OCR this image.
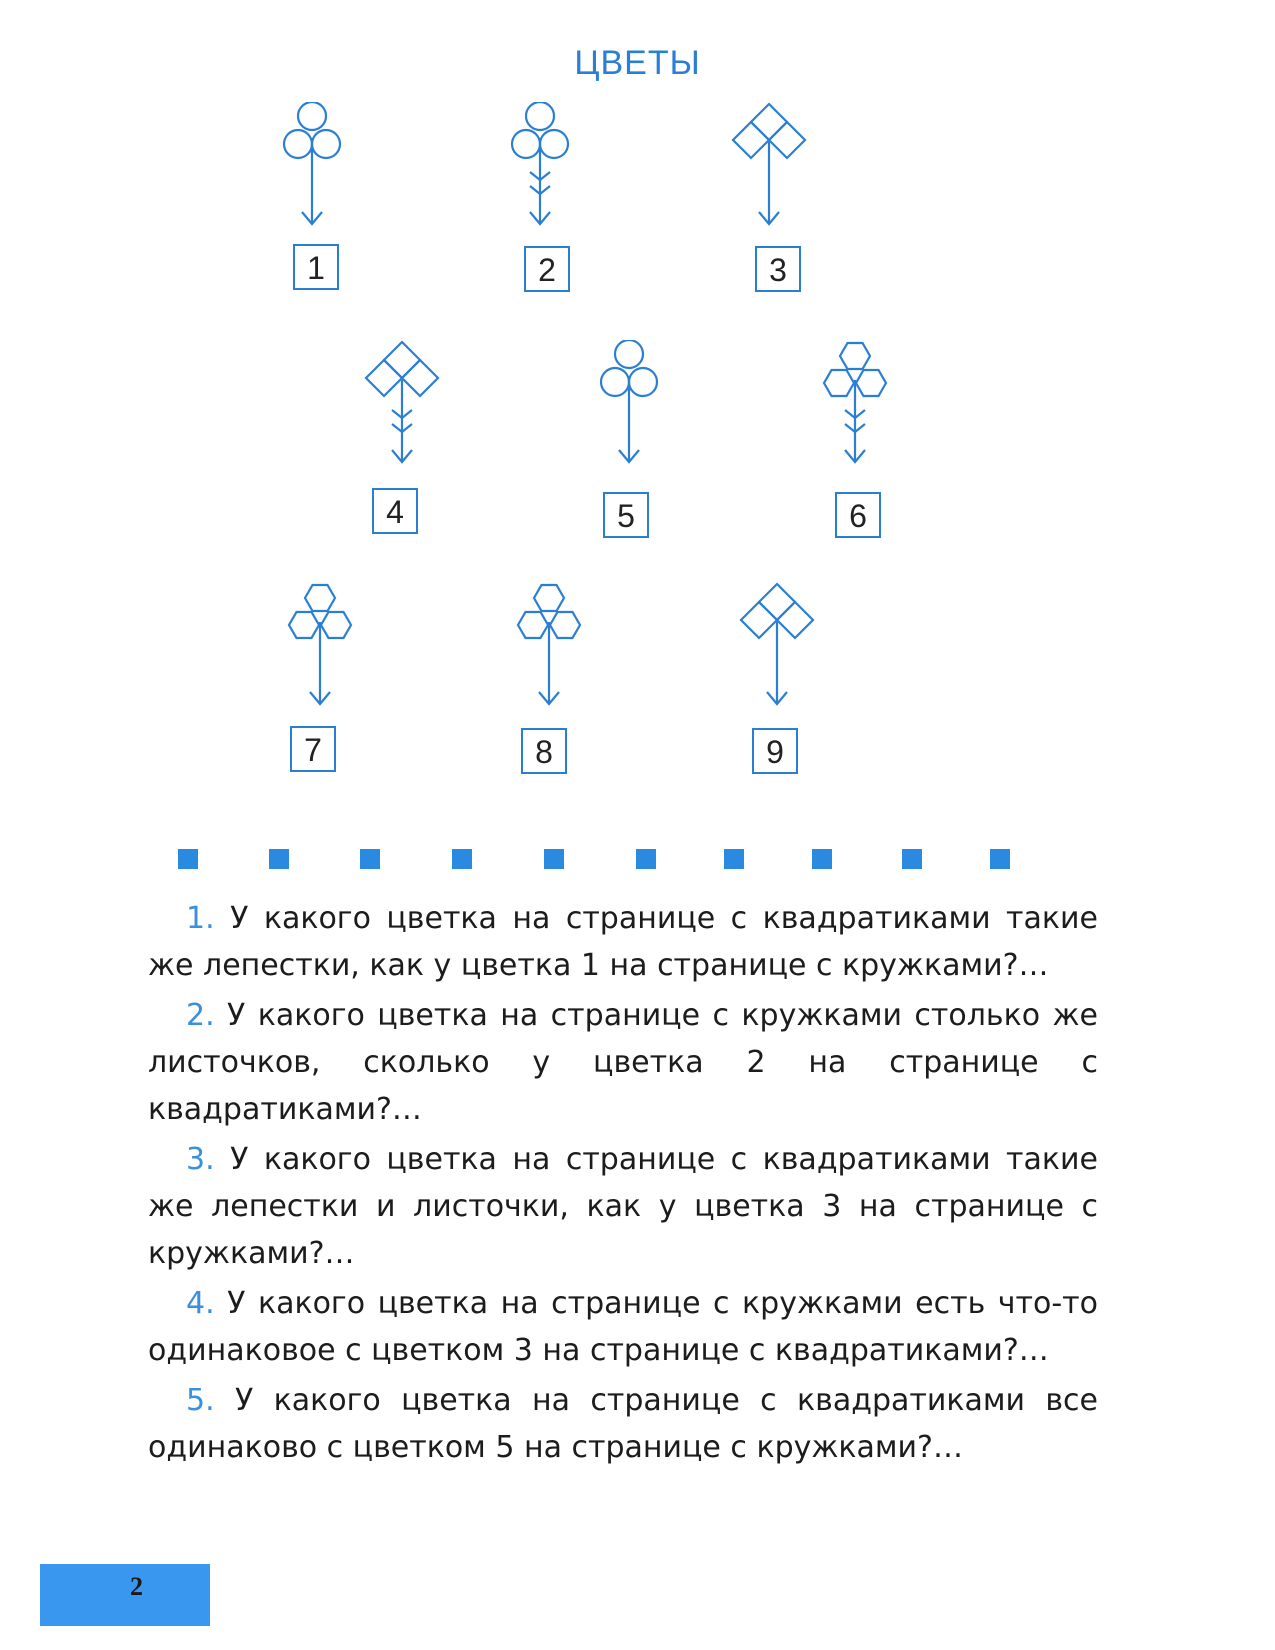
ЦВЕТЫ

1. У какого цветка на странице с квадратиками такие же лепестки, как у цветка 1 на странице с кружками?…

2. У какого цветка на странице с кружками столько же листочков, сколько у цветка 2 на странице с квадратиками?…

3. У какого цветка на странице с квадратиками такие же лепестки и листочки, как у цветка 3 на странице с кружками?…

4. У какого цветка на странице с кружками есть что-то одинаковое с цветком 3 на странице с квадратиками?…

5. У какого цветка на странице с квадратиками все одинаково с цветком 5 на странице с кружками?…

2
1	2	3
4	5	6
7	8	9
